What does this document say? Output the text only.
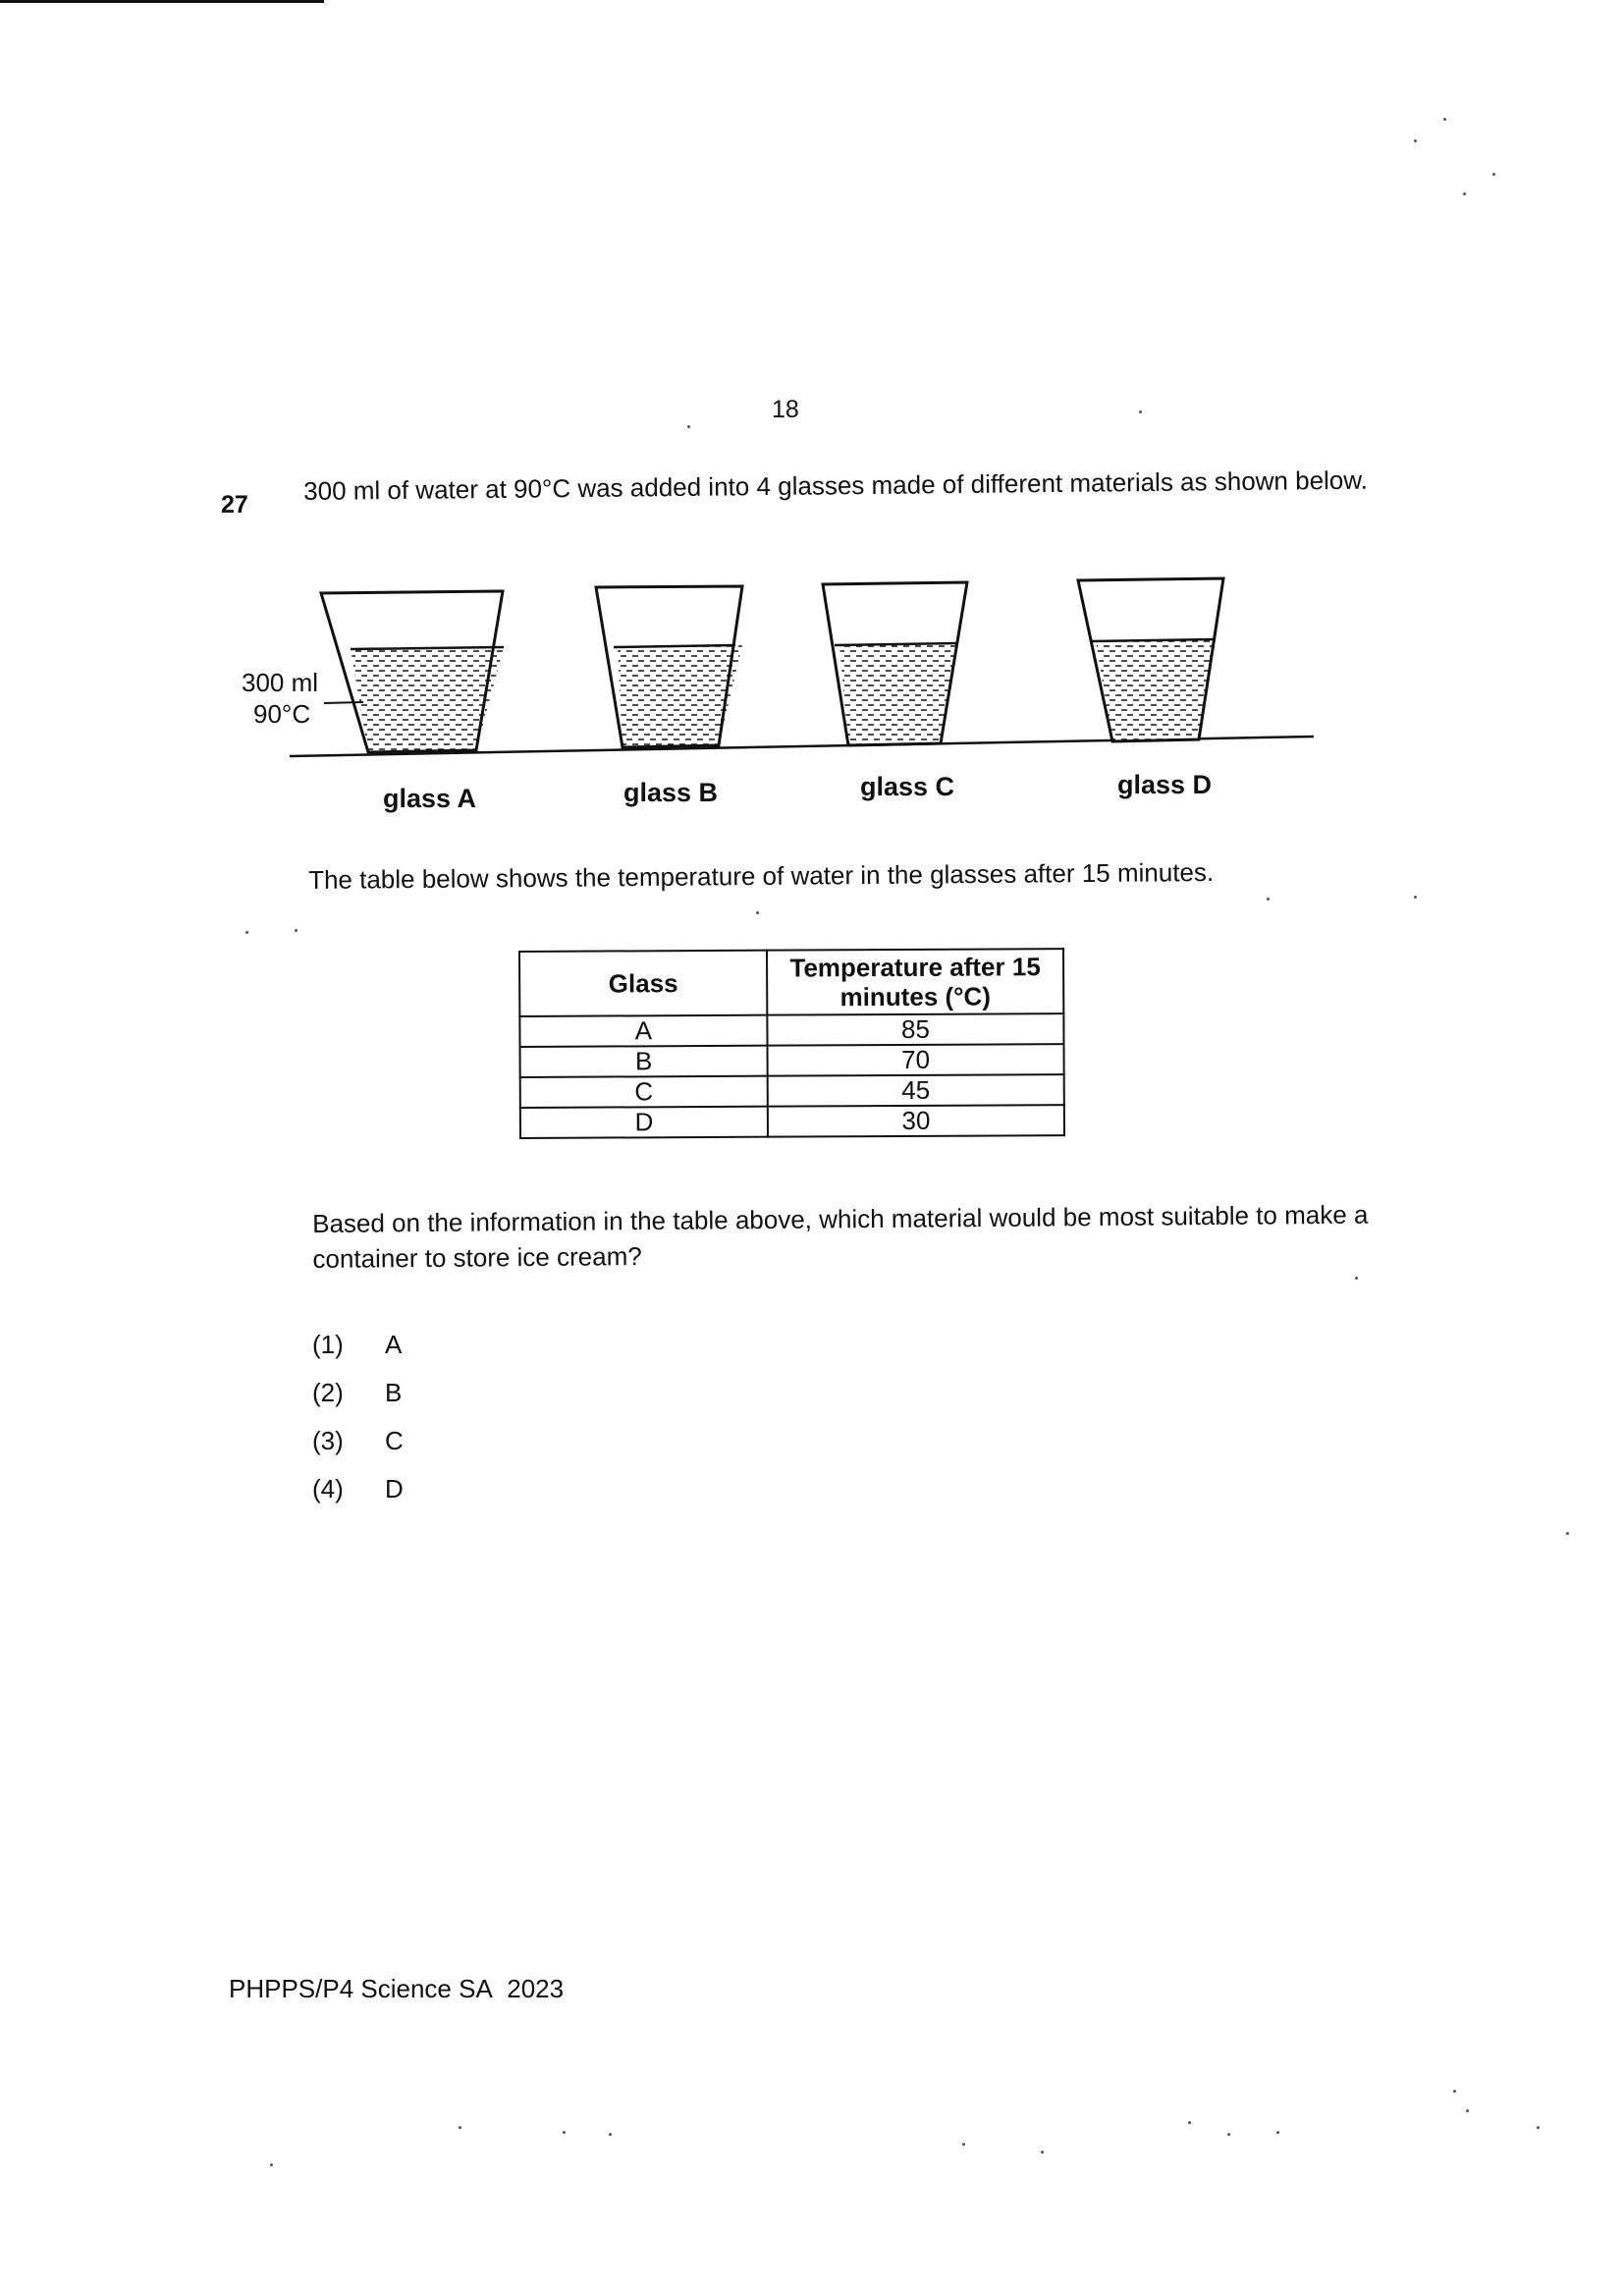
18
27 300 ml of water at 90°C was added into 4 glasses made of different materials as shown below.
300 ml
90°C
glass A	glass B	glass C	glass D
The table below shows the temperature of water in the glasses after 15 minutes.
Glass	Temperature after 15 minutes (°C)
A	85
B	70
C	45
D	30
Based on the information in the table above, which material would be most suitable to make a container to store ice cream?
(1) A
(2) B
(3) C
(4) D
PHPPS/P4 Science SA 2023
